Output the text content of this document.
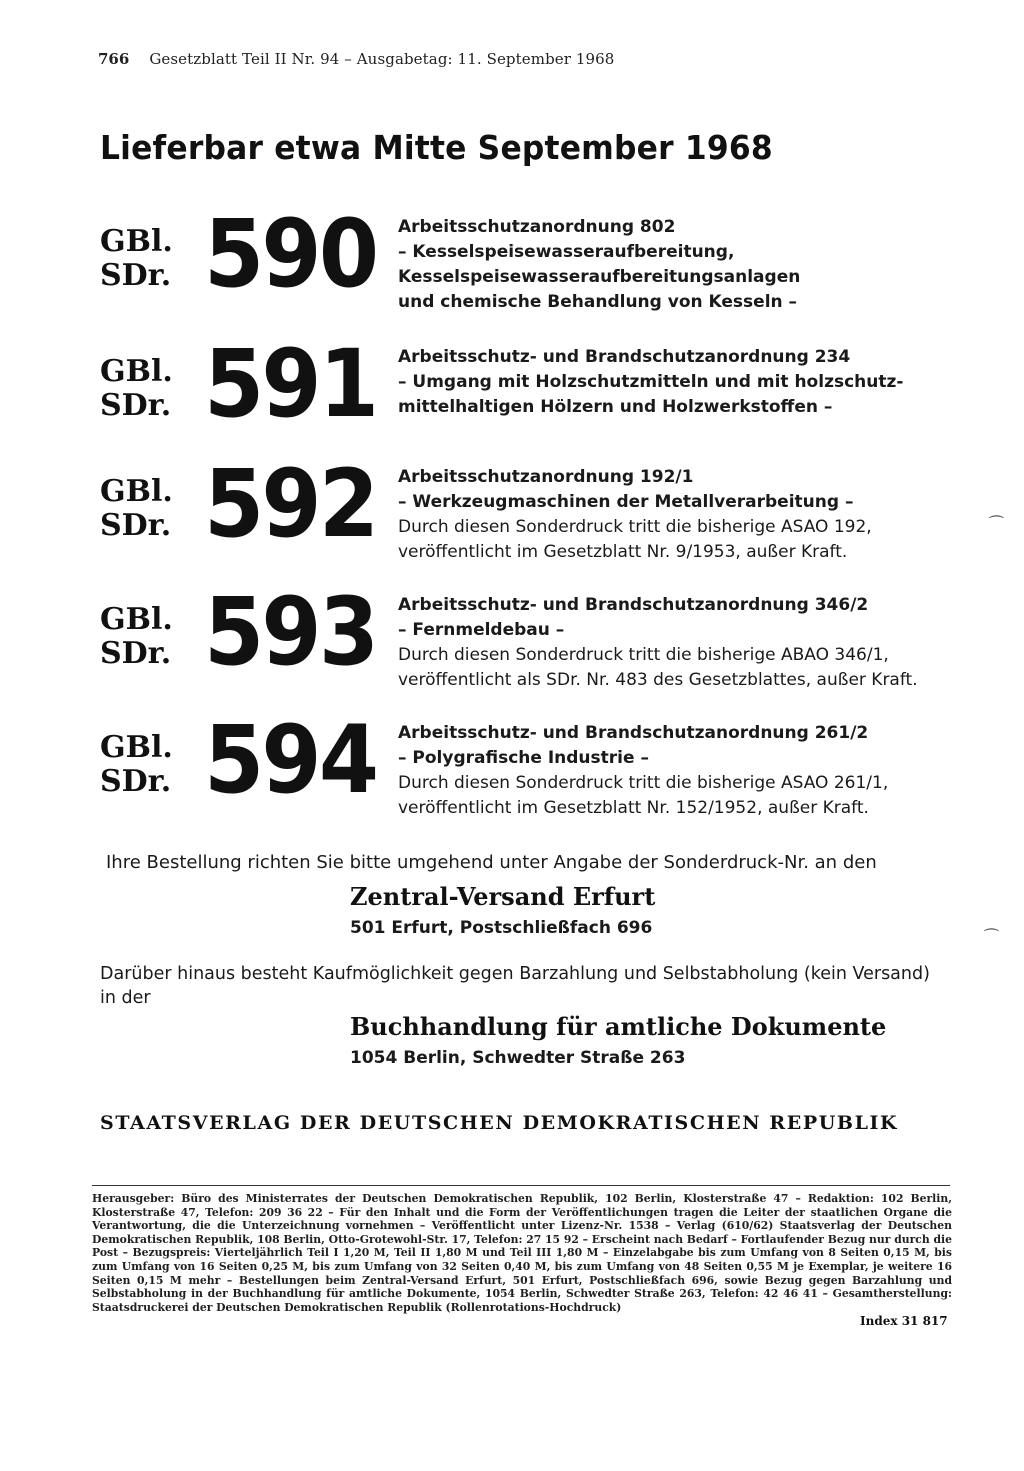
766 Gesetzblatt Teil II Nr. 94 – Ausgabetag: 11. September 1968
Lieferbar etwa Mitte September 1968
GBl.
SDr. 590 Arbeitsschutzanordnung 802
– Kesselspeisewasseraufbereitung,
Kesselspeisewasseraufbereitungsanlagen
und chemische Behandlung von Kesseln –
GBl.
SDr. 591 Arbeitsschutz- und Brandschutzanordnung 234
– Umgang mit Holzschutzmitteln und mit holzschutz-
mittelhaltigen Hölzern und Holzwerkstoffen –
GBl.
SDr. 592 Arbeitsschutzanordnung 192/1
– Werkzeugmaschinen der Metallverarbeitung –
Durch diesen Sonderdruck tritt die bisherige ASAO 192,
veröffentlicht im Gesetzblatt Nr. 9/1953, außer Kraft.
GBl.
SDr. 593 Arbeitsschutz- und Brandschutzanordnung 346/2
– Fernmeldebau –
Durch diesen Sonderdruck tritt die bisherige ABAO 346/1,
veröffentlicht als SDr. Nr. 483 des Gesetzblattes, außer Kraft.
GBl.
SDr. 594 Arbeitsschutz- und Brandschutzanordnung 261/2
– Polygrafische Industrie –
Durch diesen Sonderdruck tritt die bisherige ASAO 261/1,
veröffentlicht im Gesetzblatt Nr. 152/1952, außer Kraft.
Ihre Bestellung richten Sie bitte umgehend unter Angabe der Sonderdruck-Nr. an den
Zentral-Versand Erfurt
501 Erfurt, Postschließfach 696
Darüber hinaus besteht Kaufmöglichkeit gegen Barzahlung und Selbstabholung (kein Versand) in der
Buchhandlung für amtliche Dokumente
1054 Berlin, Schwedter Straße 263
STAATSVERLAG DER DEUTSCHEN DEMOKRATISCHEN REPUBLIK
Herausgeber: Büro des Ministerrates der Deutschen Demokratischen Republik, 102 Berlin, Klosterstraße 47 – Redaktion: 102 Berlin, Klosterstraße 47, Telefon: 209 36 22 – Für den Inhalt und die Form der Veröffentlichungen tragen die Leiter der staatlichen Organe die Verantwortung, die die Unterzeichnung vornehmen – Veröffentlicht unter Lizenz-Nr. 1538 – Verlag (610/62) Staatsverlag der Deutschen Demokratischen Republik, 108 Berlin, Otto-Grotewohl-Str. 17, Telefon: 27 15 92 – Erscheint nach Bedarf – Fortlaufender Bezug nur durch die Post – Bezugspreis: Vierteljährlich Teil I 1,20 M, Teil II 1,80 M und Teil III 1,80 M – Einzelabgabe bis zum Umfang von 8 Seiten 0,15 M, bis zum Umfang von 16 Seiten 0,25 M, bis zum Umfang von 32 Seiten 0,40 M, bis zum Umfang von 48 Seiten 0,55 M je Exemplar, je weitere 16 Seiten 0,15 M mehr – Bestellungen beim Zentral-Versand Erfurt, 501 Erfurt, Postschließfach 696, sowie Bezug gegen Barzahlung und Selbstabholung in der Buchhandlung für amtliche Dokumente, 1054 Berlin, Schwedter Straße 263, Telefon: 42 46 41 – Gesamtherstellung: Staatsdruckerei der Deutschen Demokratischen Republik (Rollenrotations-Hochdruck)
Index 31 817
⁀
⁀
